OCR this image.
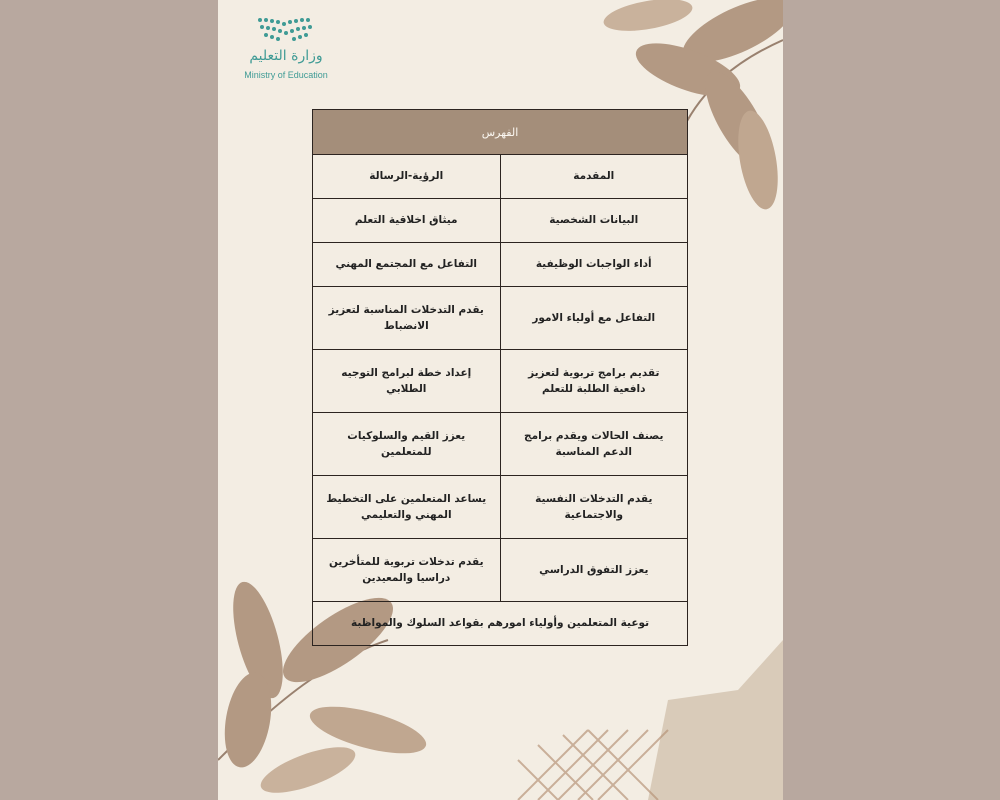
وزارة التعليم
Ministry of Education
الفهرس	
المقدمة	الرؤية-الرسالة
البيانات الشخصية	ميثاق اخلاقية التعلم
أداء الواجبات الوظيفية	التفاعل مع المجتمع المهني
التفاعل مع أولياء الامور	يقدم التدخلات المناسبة لتعزيز الانضباط
تقديم برامج تربوية لتعزيز دافعية الطلبة للتعلم	إعداد خطة لبرامج التوجيه الطلابي
يصنف الحالات ويقدم برامج الدعم المناسبة	يعزز القيم والسلوكيات للمتعلمين
يقدم التدخلات النفسية والاجتماعية	يساعد المتعلمين على التخطيط المهني والتعليمي
يعزز التفوق الدراسي	يقدم تدخلات تربوية للمتأخرين دراسيا والمعيدين
توعية المتعلمين وأولياء امورهم بقواعد السلوك والمواظبة	
